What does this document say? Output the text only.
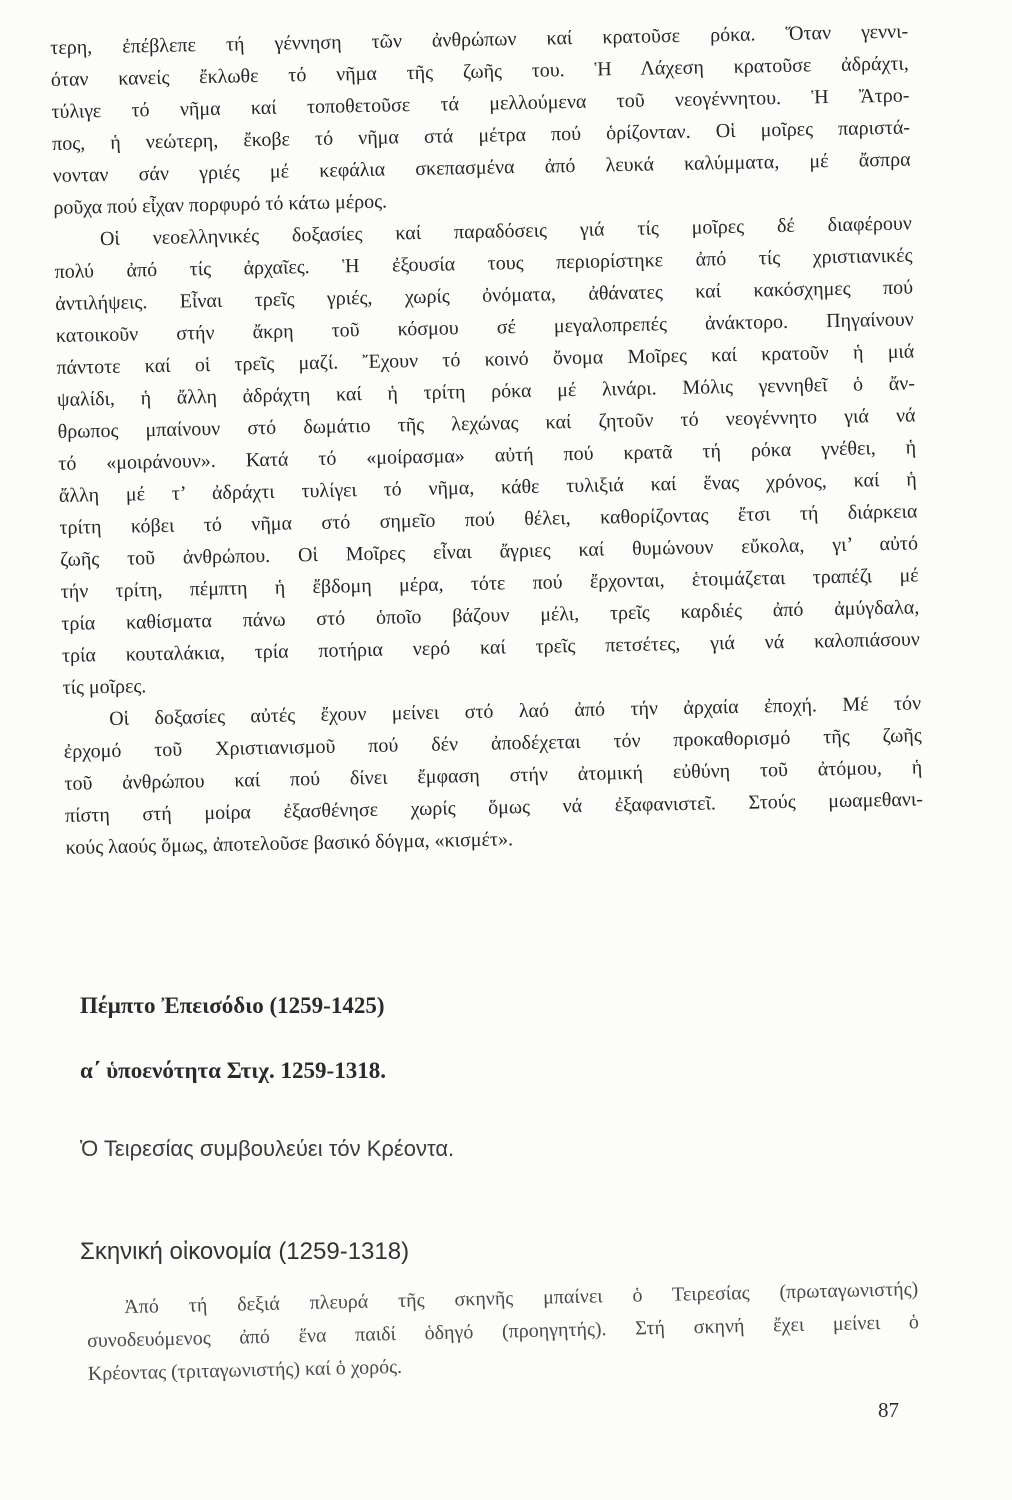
τερη, ἐπέβλεπε τή γέννηση τῶν ἀνθρώπων καί κρατοῦσε ρόκα. Ὅταν γεννι-
όταν κανείς ἔκλωθε τό νῆμα τῆς ζωῆς του. Ἡ Λάχεση κρατοῦσε ἀδράχτι,
τύλιγε τό νῆμα καί τοποθετοῦσε τά μελλούμενα τοῦ νεογέννητου. Ἡ Ἄτρο-
πος, ἡ νεώτερη, ἔκοβε τό νῆμα στά μέτρα πού ὁρίζονταν. Οἱ μοῖρες παριστά-
νονταν σάν γριές μέ κεφάλια σκεπασμένα ἀπό λευκά καλύμματα, μέ ἄσπρα
ροῦχα πού εἶχαν πορφυρό τό κάτω μέρος.
Οἱ νεοελληνικές δοξασίες καί παραδόσεις γιά τίς μοῖρες δέ διαφέρουν
πολύ ἀπό τίς ἀρχαῖες. Ἡ ἐξουσία τους περιορίστηκε ἀπό τίς χριστιανικές
ἀντιλήψεις. Εἶναι τρεῖς γριές, χωρίς ὀνόματα, ἀθάνατες καί κακόσχημες πού
κατοικοῦν στήν ἄκρη τοῦ κόσμου σέ μεγαλοπρεπές ἀνάκτορο. Πηγαίνουν
πάντοτε καί οἱ τρεῖς μαζί. Ἔχουν τό κοινό ὄνομα Μοῖρες καί κρατοῦν ἡ μιά
ψαλίδι, ἡ ἄλλη ἀδράχτη καί ἡ τρίτη ρόκα μέ λινάρι. Μόλις γεννηθεῖ ὁ ἄν-
θρωπος μπαίνουν στό δωμάτιο τῆς λεχώνας καί ζητοῦν τό νεογέννητο γιά νά
τό «μοιράνουν». Κατά τό «μοίρασμα» αὐτή πού κρατᾶ τή ρόκα γνέθει, ἡ
ἄλλη μέ τ’ ἀδράχτι τυλίγει τό νῆμα, κάθε τυλιξιά καί ἕνας χρόνος, καί ἡ
τρίτη κόβει τό νῆμα στό σημεῖο πού θέλει, καθορίζοντας ἔτσι τή διάρκεια
ζωῆς τοῦ ἀνθρώπου. Οἱ Μοῖρες εἶναι ἄγριες καί θυμώνουν εὔκολα, γι’ αὐτό
τήν τρίτη, πέμπτη ἡ ἔβδομη μέρα, τότε πού ἔρχονται, ἑτοιμάζεται τραπέζι μέ
τρία καθίσματα πάνω στό ὁποῖο βάζουν μέλι, τρεῖς καρδιές ἀπό ἀμύγδαλα,
τρία κουταλάκια, τρία ποτήρια νερό καί τρεῖς πετσέτες, γιά νά καλοπιάσουν
τίς μοῖρες.
Οἱ δοξασίες αὐτές ἔχουν μείνει στό λαό ἀπό τήν ἀρχαία ἐποχή. Μέ τόν
ἐρχομό τοῦ Χριστιανισμοῦ πού δέν ἀποδέχεται τόν προκαθορισμό τῆς ζωῆς
τοῦ ἀνθρώπου καί πού δίνει ἔμφαση στήν ἀτομική εὐθύνη τοῦ ἀτόμου, ἡ
πίστη στή μοίρα ἐξασθένησε χωρίς ὅμως νά ἐξαφανιστεῖ. Στούς μωαμεθανι-
κούς λαούς ὅμως, ἀποτελοῦσε βασικό δόγμα, «κισμέτ».
Πέμπτο Ἐπεισόδιο (1259-1425)
α΄ ὑποενότητα Στιχ. 1259-1318.
Ὁ Τειρεσίας συμβουλεύει τόν Κρέοντα.
Σκηνική οἰκονομία (1259-1318)
Ἀπό τή δεξιά πλευρά τῆς σκηνῆς μπαίνει ὁ Τειρεσίας (πρωταγωνιστής)
συνοδευόμενος ἀπό ἕνα παιδί ὁδηγό (προηγητής). Στή σκηνή ἔχει μείνει ὁ
Κρέοντας (τριταγωνιστής) καί ὁ χορός.
87
